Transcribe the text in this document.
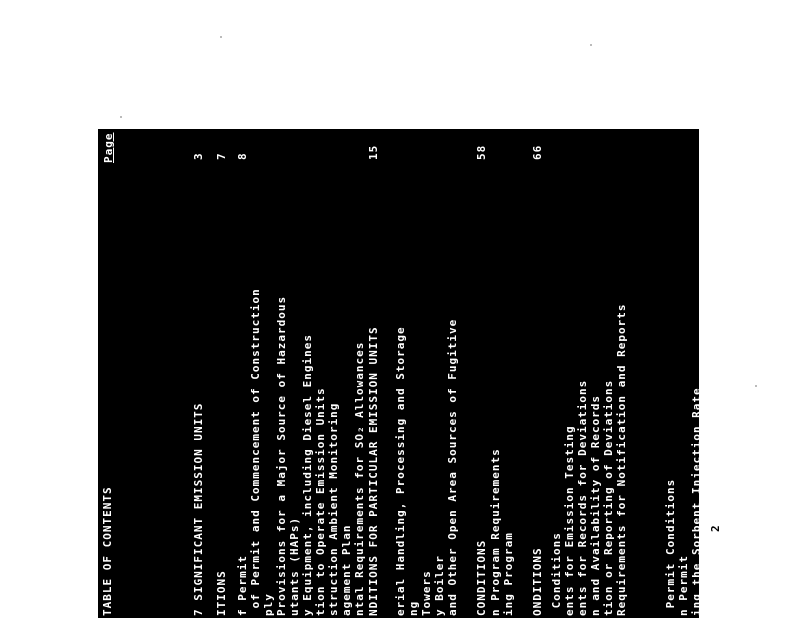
Page
TABLE OF CONTENTS	7 SIGNIFICANT EMISSION UNITS
3
ITIONS
7
f Permit
8
of Permit and Commencement of Construction ply Provisions for a Major Source of Hazardous utants (HAPs) y Equipment, including Diesel Engines tion to Operate Emission Units struction Ambient Monitoring agement Plan ntal Requirements for SO₂ Allowances NDITIONS FOR PARTICULAR EMISSION UNITS
15
erial Handling, Processing and Storage ng Towers y Boiler and Other Open Area Sources of Fugitive CONDITIONS
58
n Program Requirements ing Program ONDITIONS
66
Conditions ents for Emission Testing ents for Records for Deviations n and Availability of Records tion or Reporting of Deviations Requirements for Notification and Reports	Permit Conditions n Permit ing the Sorbent Injection Rate 2
